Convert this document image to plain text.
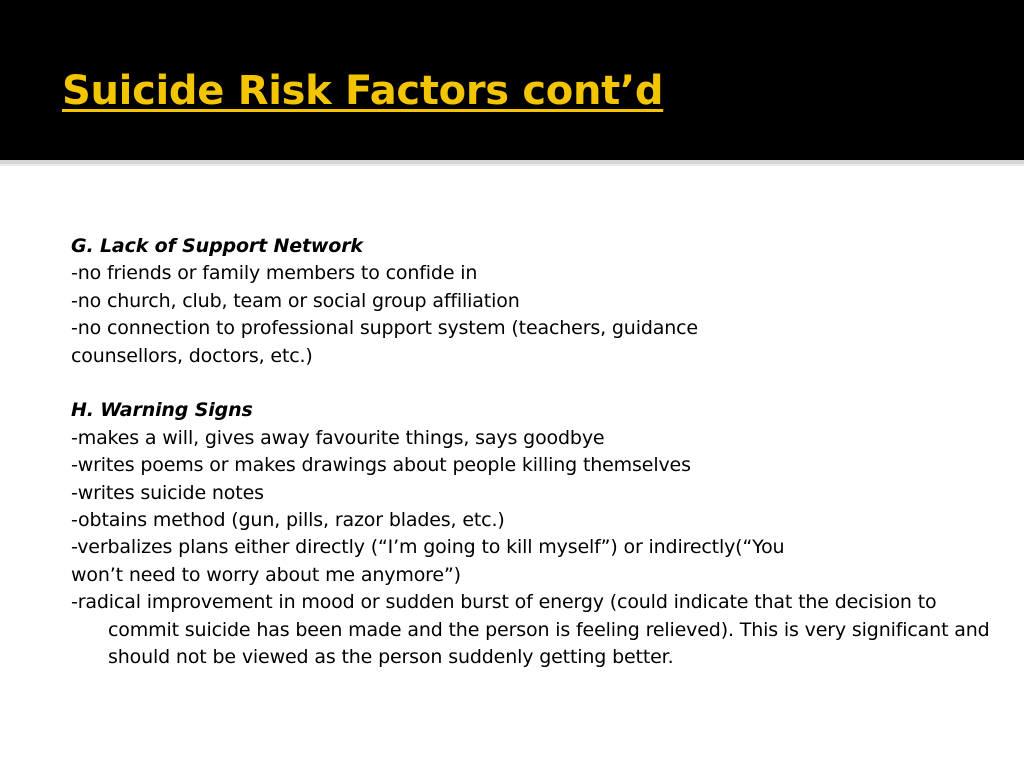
Suicide Risk Factors cont’d

G. Lack of Support Network

-no friends or family members to confide in

-no church, club, team or social group affiliation

-no connection to professional support system (teachers, guidance

counsellors, doctors, etc.)

H. Warning Signs

-makes a will, gives away favourite things, says goodbye

-writes poems or makes drawings about people killing themselves

-writes suicide notes

-obtains method (gun, pills, razor blades, etc.)

-verbalizes plans either directly (“I’m going to kill myself”) or indirectly(“You

won’t need to worry about me anymore”)

-radical improvement in mood or sudden burst of energy (could indicate that the decision to commit suicide has been made and the person is feeling relieved). This is very significant and should not be viewed as the person suddenly getting better.
